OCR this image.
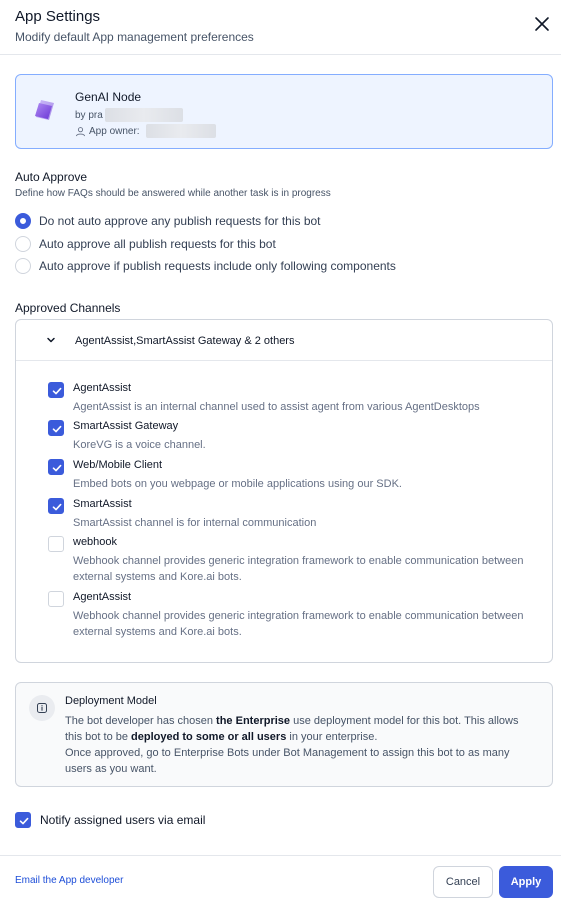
App Settings
Modify default App management preferences
GenAI Node
by pra
App owner:
Auto Approve
Define how FAQs should be answered while another task is in progress
Do not auto approve any publish requests for this bot
Auto approve all publish requests for this bot
Auto approve if publish requests include only following components
Approved Channels
AgentAssist,SmartAssist Gateway & 2 others
AgentAssist
AgentAssist is an internal channel used to assist agent from various AgentDesktops
SmartAssist Gateway
KoreVG is a voice channel.
Web/Mobile Client
Embed bots on you webpage or mobile applications using our SDK.
SmartAssist
SmartAssist channel is for internal communication
webhook
Webhook channel provides generic integration framework to enable communication between external systems and Kore.ai bots.
AgentAssist
Webhook channel provides generic integration framework to enable communication between external systems and Kore.ai bots.
Deployment Model
The bot developer has chosen the Enterprise use deployment model for this bot. This allows this bot to be deployed to some or all users in your enterprise.
Once approved, go to Enterprise Bots under Bot Management to assign this bot to as many users as you want.
Notify assigned users via email
Email the App developer	Cancel	Apply
